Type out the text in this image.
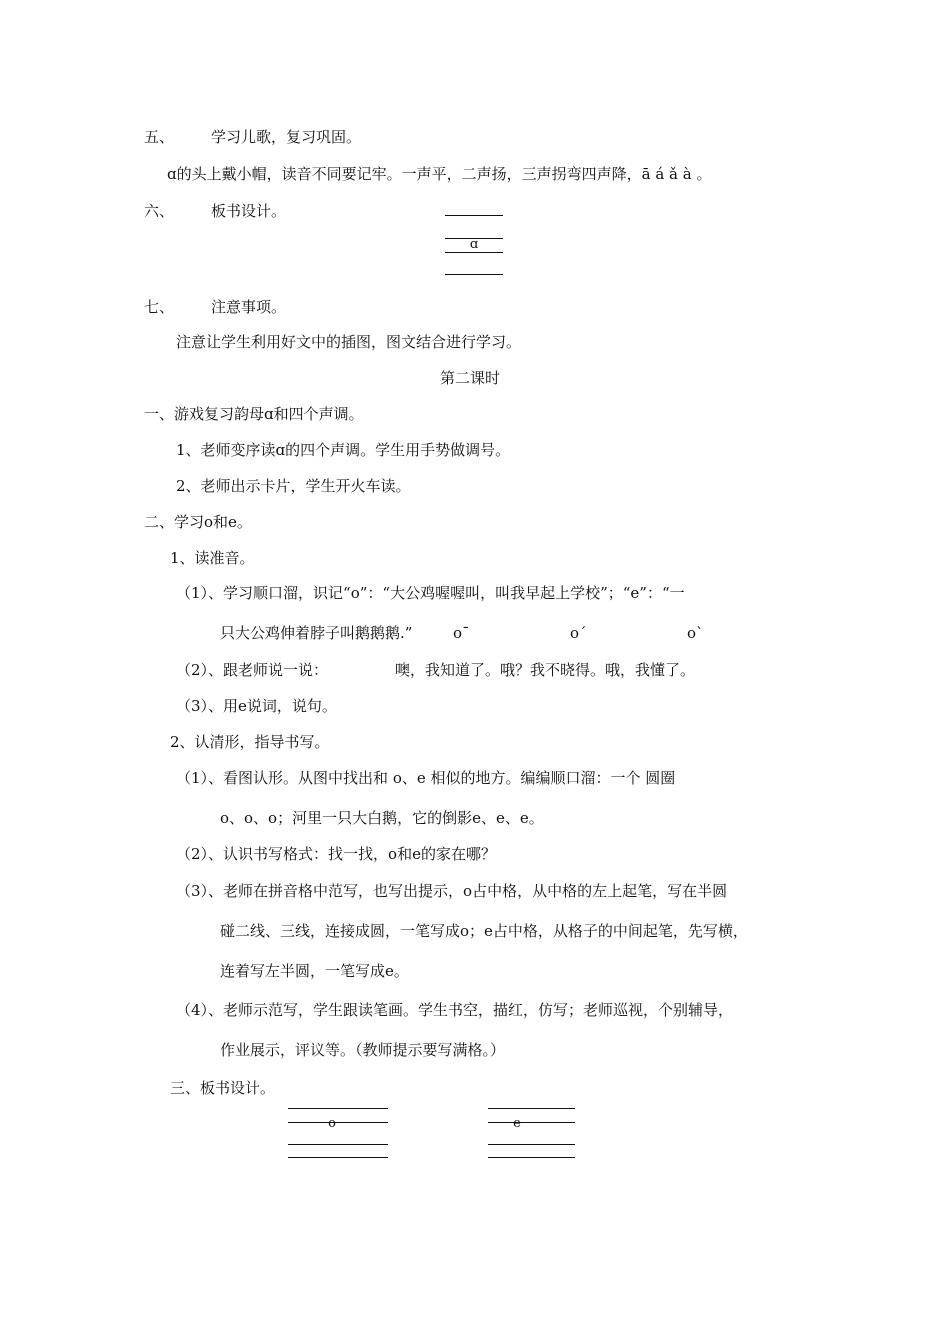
五、 学习儿歌，复习巩固。
ɑ的头上戴小帽，读音不同要记牢。一声平，二声扬，三声拐弯四声降，ā á ǎ à 。
六、 板书设计。
ɑ
七、 注意事项。
注意让学生利用好文中的插图，图文结合进行学习。
第二课时
一、游戏复习韵母ɑ和四个声调。
1、老师变序读ɑ的四个声调。学生用手势做调号。
2、老师出示卡片，学生开火车读。
二、学习o和e。
1、读准音。
（1）、学习顺口溜，识记“o”：“大公鸡喔喔叫，叫我早起上学校”；“e”：“一
只大公鸡伸着脖子叫鹅鹅鹅.”	oˉ	oˊ	oˋ
（2）、跟老师说一说：	噢，我知道了。哦？我不晓得。哦，我懂了。
（3）、用e说词，说句。
2、认清形，指导书写。
（1）、看图认形。从图中找出和 o、e 相似的地方。编编顺口溜：一个 圆圈
o、o、o；河里一只大白鹅，它的倒影e、e、e。
（2）、认识书写格式：找一找，o和e的家在哪？
（3）、老师在拼音格中范写，也写出提示，o占中格，从中格的左上起笔，写在半圆
碰二线、三线，连接成圆，一笔写成o；e占中格，从格子的中间起笔，先写横，
连着写左半圆，一笔写成e。
（4）、老师示范写，学生跟读笔画。学生书空，描红，仿写；老师巡视，个别辅导，
作业展示，评议等。（教师提示要写满格。）
三、板书设计。
o	e
